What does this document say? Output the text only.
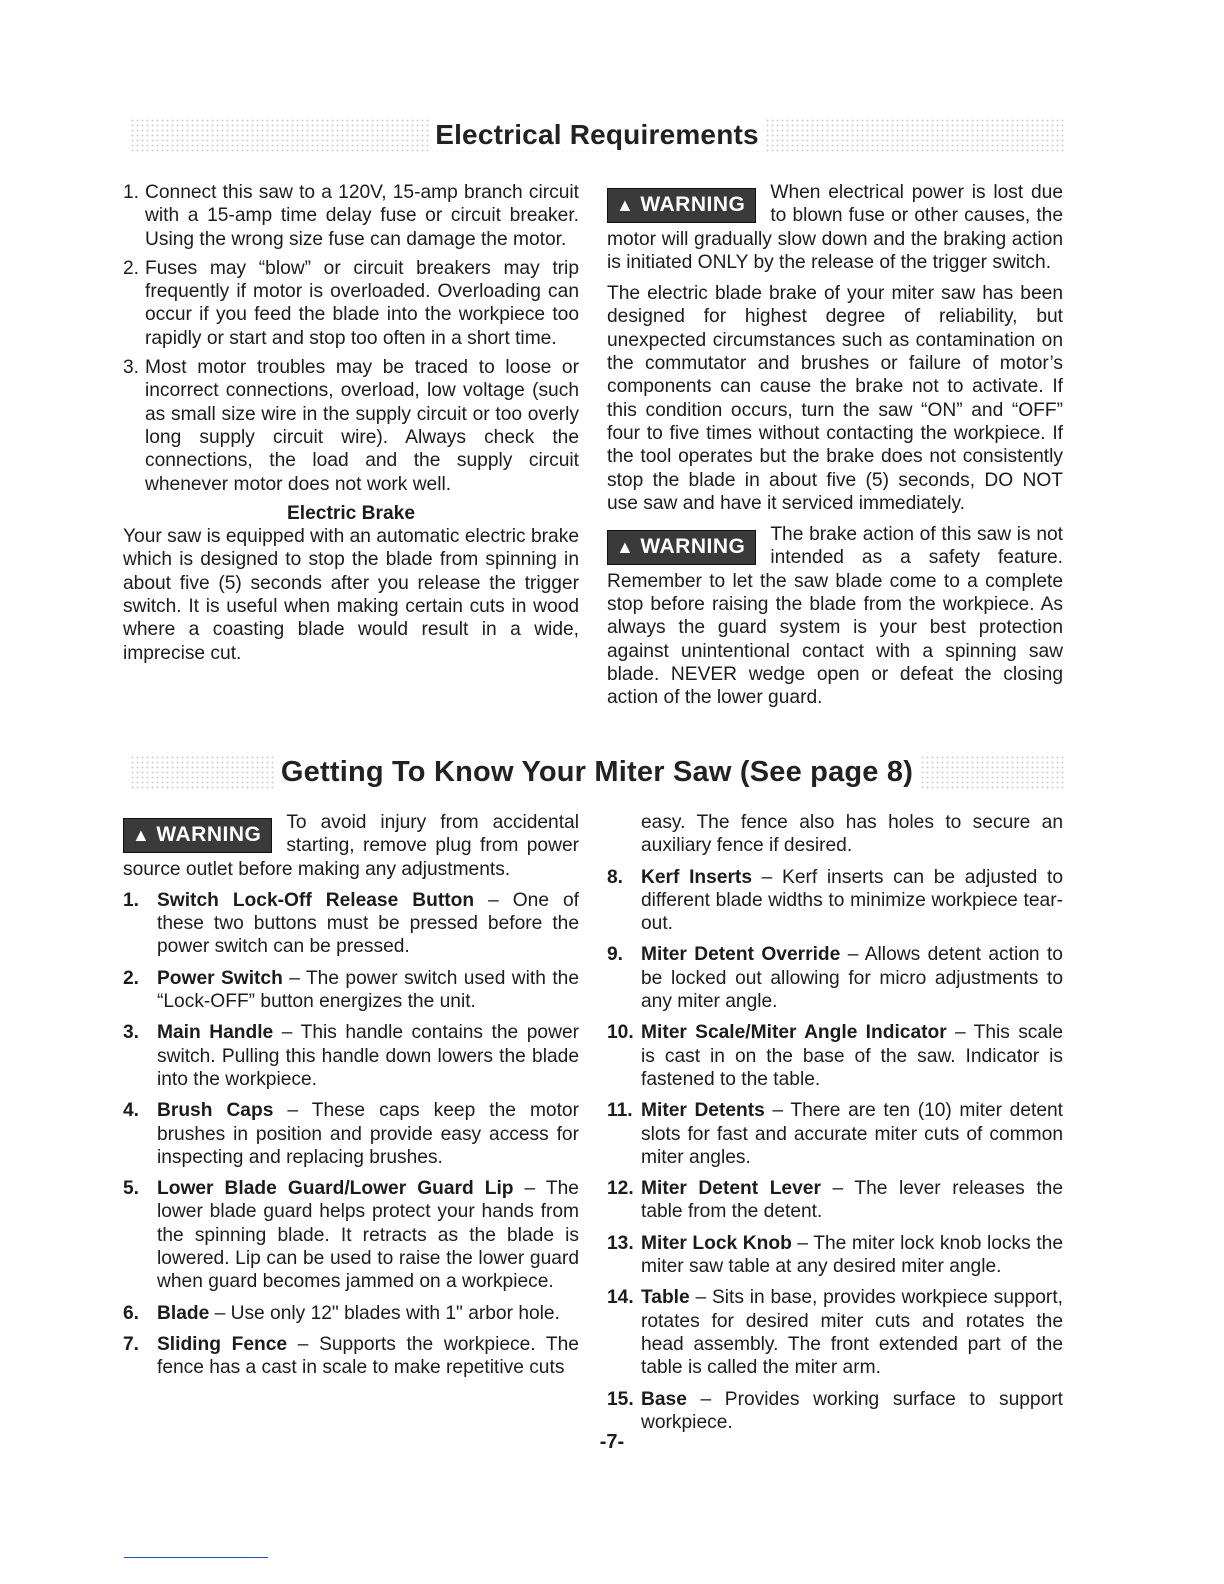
Electrical Requirements
1. Connect this saw to a 120V, 15-amp branch circuit with a 15-amp time delay fuse or circuit breaker. Using the wrong size fuse can damage the motor.
2. Fuses may “blow” or circuit breakers may trip frequently if motor is overloaded. Overloading can occur if you feed the blade into the workpiece too rapidly or start and stop too often in a short time.
3. Most motor troubles may be traced to loose or incorrect connections, overload, low voltage (such as small size wire in the supply circuit or too overly long supply circuit wire). Always check the connections, the load and the supply circuit whenever motor does not work well.

Electric Brake

Your saw is equipped with an automatic electric brake which is designed to stop the blade from spinning in about five (5) seconds after you release the trigger switch. It is useful when making certain cuts in wood where a coasting blade would result in a wide, imprecise cut.

▲ WARNING
When electrical power is lost due to blown fuse or other causes, the motor will gradually slow down and the braking action is initiated ONLY by the release of the trigger switch.

The electric blade brake of your miter saw has been designed for highest degree of reliability, but unexpected circumstances such as contamination on the commutator and brushes or failure of motor’s components can cause the brake not to activate. If this condition occurs, turn the saw “ON” and “OFF” four to five times without contacting the workpiece. If the tool operates but the brake does not consistently stop the blade in about five (5) seconds, DO NOT use saw and have it serviced immediately.

▲ WARNING
The brake action of this saw is not intended as a safety feature. Remember to let the saw blade come to a complete stop before raising the blade from the workpiece. As always the guard system is your best protection against unintentional contact with a spinning saw blade. NEVER wedge open or defeat the closing action of the lower guard.
Getting To Know Your Miter Saw (See page 8)
▲ WARNING
To avoid injury from accidental starting, remove plug from power source outlet before making any adjustments.
1. Switch Lock-Off Release Button – One of these two buttons must be pressed before the power switch can be pressed.
2. Power Switch – The power switch used with the “Lock-OFF” button energizes the unit.
3. Main Handle – This handle contains the power switch. Pulling this handle down lowers the blade into the workpiece.
4. Brush Caps – These caps keep the motor brushes in position and provide easy access for inspecting and replacing brushes.
5. Lower Blade Guard/Lower Guard Lip – The lower blade guard helps protect your hands from the spinning blade. It retracts as the blade is lowered. Lip can be used to raise the lower guard when guard becomes jammed on a workpiece.
6. Blade – Use only 12" blades with 1" arbor hole.
7. Sliding Fence – Supports the workpiece. The fence has a cast in scale to make repetitive cuts

easy. The fence also has holes to secure an auxiliary fence if desired.

8. Kerf Inserts – Kerf inserts can be adjusted to different blade widths to minimize workpiece tear-out.
9. Miter Detent Override – Allows detent action to be locked out allowing for micro adjustments to any miter angle.
10. Miter Scale/Miter Angle Indicator – This scale is cast in on the base of the saw. Indicator is fastened to the table.
11. Miter Detents – There are ten (10) miter detent slots for fast and accurate miter cuts of common miter angles.
12. Miter Detent Lever – The lever releases the table from the detent.
13. Miter Lock Knob – The miter lock knob locks the miter saw table at any desired miter angle.
14. Table – Sits in base, provides workpiece support, rotates for desired miter cuts and rotates the head assembly. The front extended part of the table is called the miter arm.
15. Base – Provides working surface to support workpiece.
-7-
